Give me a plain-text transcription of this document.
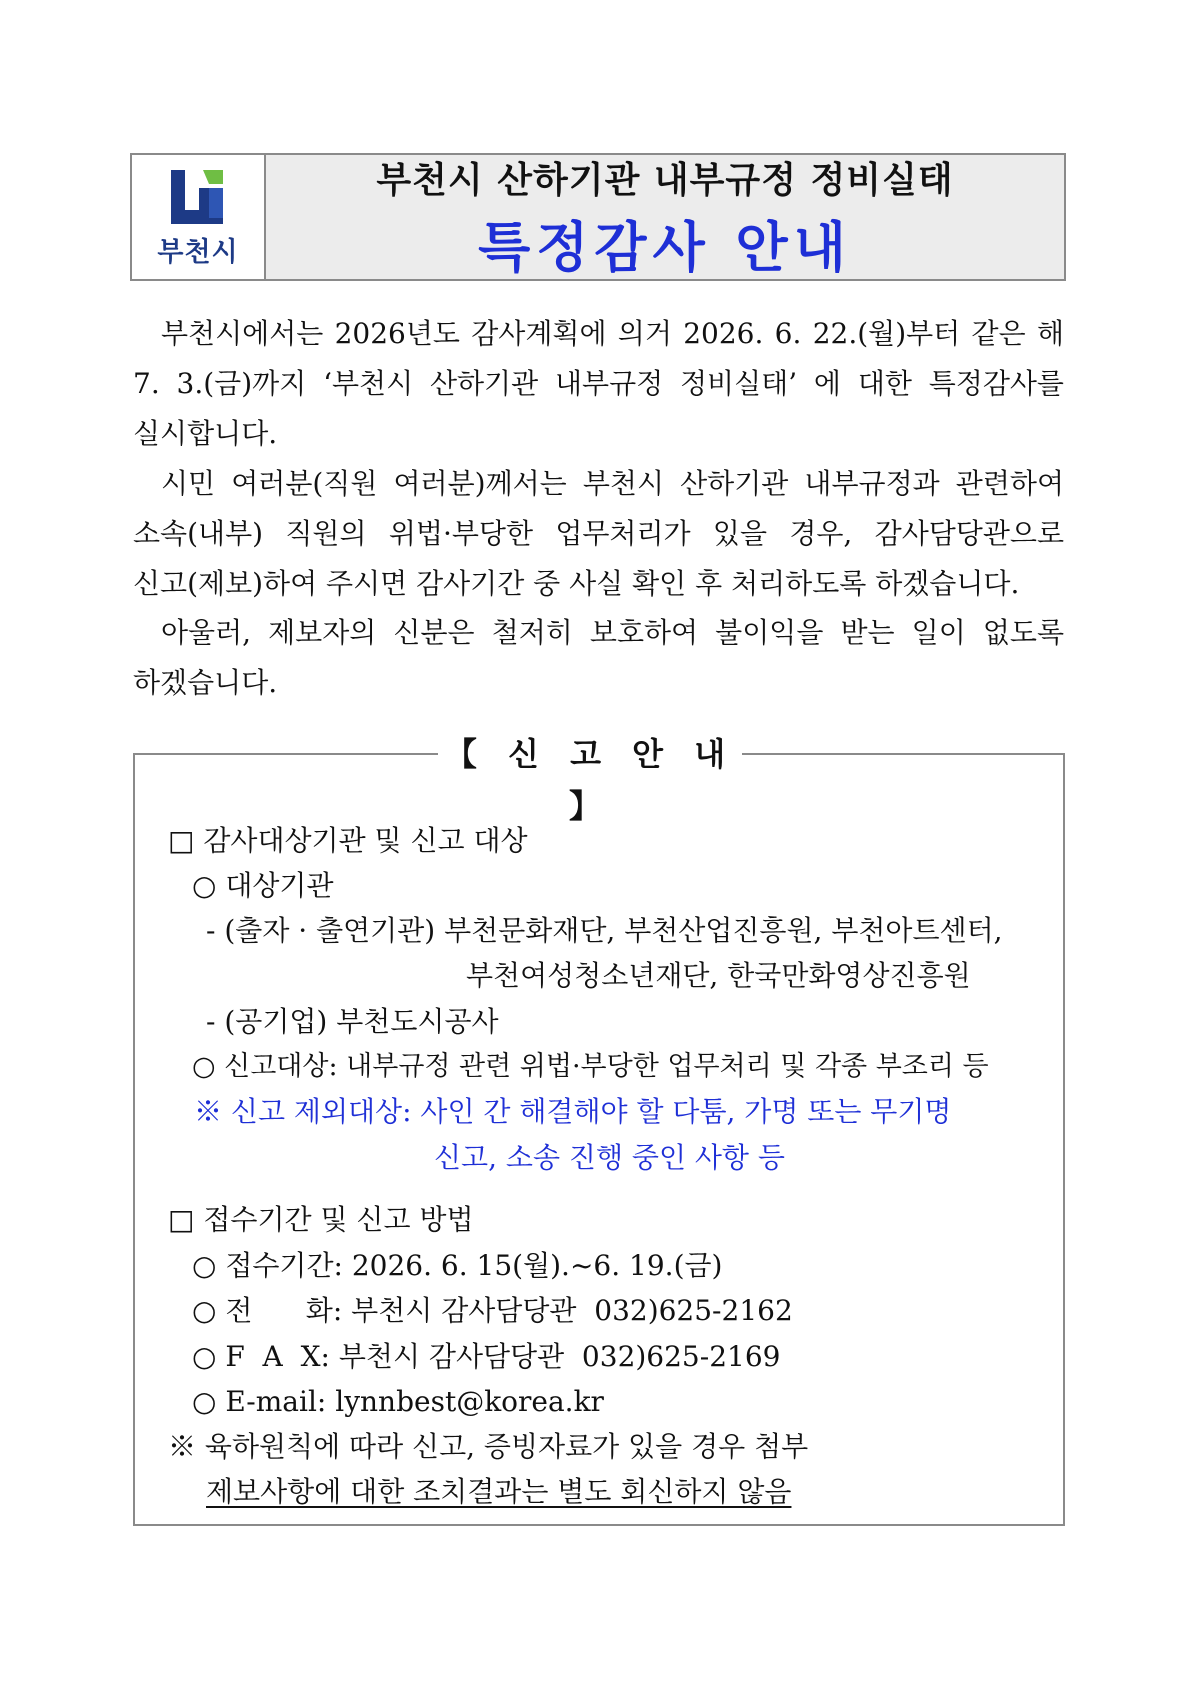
부천시
부천시 산하기관 내부규정 정비실태
특정감사 안내
부천시에서는 2026년도 감사계획에 의거 2026. 6. 22.(월)부터 같은 해
7. 3.(금)까지 ‘부천시 산하기관 내부규정 정비실태’ 에 대한 특정감사를
실시합니다.
시민 여러분(직원 여러분)께서는 부천시 산하기관 내부규정과 관련하여
소속(내부) 직원의 위법·부당한 업무처리가 있을 경우, 감사담당관으로
신고(제보)하여 주시면 감사기간 중 사실 확인 후 처리하도록 하겠습니다.
아울러, 제보자의 신분은 철저히 보호하여 불이익을 받는 일이 없도록
하겠습니다.
【 신 고 안 내 】
□ 감사대상기관 및 신고 대상
○ 대상기관
- (출자 · 출연기관) 부천문화재단, 부천산업진흥원, 부천아트센터,
부천여성청소년재단, 한국만화영상진흥원
- (공기업) 부천도시공사
○ 신고대상: 내부규정 관련 위법·부당한 업무처리 및 각종 부조리 등
※ 신고 제외대상: 사인 간 해결해야 할 다툼, 가명 또는 무기명
신고, 소송 진행 중인 사항 등
□ 접수기간 및 신고 방법
○ 접수기간: 2026. 6. 15(월).~6. 19.(금)
○ 전      화: 부천시 감사담당관  032)625-2162
○ F  A  X: 부천시 감사담당관  032)625-2169
○ E-mail: lynnbest@korea.kr
※ 육하원칙에 따라 신고, 증빙자료가 있을 경우 첨부
제보사항에 대한 조치결과는 별도 회신하지 않음
